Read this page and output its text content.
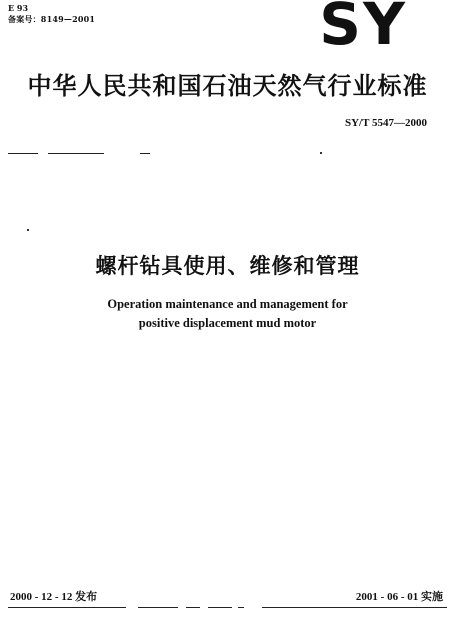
E 93
备案号：8149—2001	SY
中华人民共和国石油天然气行业标准
SY/T 5547—2000
螺杆钻具使用、维修和管理
Operation maintenance and management for
positive displacement mud motor
2000 - 12 - 12 发布	2001 - 06 - 01 实施
